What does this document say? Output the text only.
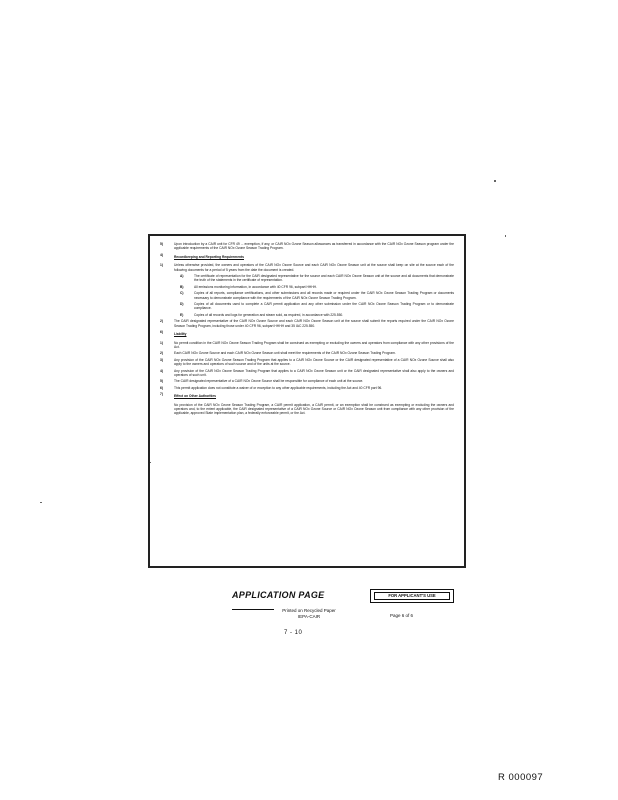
5)	Upon introduction by a CAIR unit for CFR 49 ... exemption, if any, or CAIR NOx Ozone Season allowances as transferred in accordance with the CAIR NOx Ozone Season program under the applicable requirements of the CAIR NOx Ozone Season Trading Program.
4)	Recordkeeping and Reporting Requirements
1)	Unless otherwise provided, the owners and operators of the CAIR NOx Ozone Source and each CAIR NOx Ozone Season unit at the source shall keep on site at the source each of the following documents for a period of 5 years from the date the document is created.
A)	The certificate of representation for the CAIR designated representative for the source and each CAIR NOx Ozone Season unit at the source and all documents that demonstrate the truth of the statements in the certificate of representation.
B)	All emissions monitoring information, in accordance with 40 CFR 96, subpart HHHH.
C)	Copies of all reports, compliance certifications, and other submissions and all records made or required under the CAIR NOx Ozone Season Trading Program or documents necessary to demonstrate compliance with the requirements of the CAIR NOx Ozone Season Trading Program.
D)	Copies of all documents used to complete a CAIR permit application and any other submission under the CAIR NOx Ozone Season Trading Program or to demonstrate compliance.
E)	Copies of all records and logs for generation and steam sold, as required, in accordance with 225.550.
2)	The CAIR designated representative of the CAIR NOx Ozone Source and each CAIR NOx Ozone Season unit at the source shall submit the reports required under the CAIR NOx Ozone Season Trading Program, including those under 40 CFR 96, subpart HHHH and 35 IAC 225.550.
6)	Liability
1)	No permit condition in the CAIR NOx Ozone Season Trading Program shall be construed as exempting or excluding the owners and operators from compliance with any other provisions of the Act.
2)	Each CAIR NOx Ozone Source and each CAIR NOx Ozone Season unit shall meet the requirements of the CAIR NOx Ozone Season Trading Program.
3)	Any provision of the CAIR NOx Ozone Season Trading Program that applies to a CAIR NOx Ozone Source or the CAIR designated representative of a CAIR NOx Ozone Source shall also apply to the owners and operators of such source and of the units at the source.
4)	Any provision of the CAIR NOx Ozone Season Trading Program that applies to a CAIR NOx Ozone Season unit or the CAIR designated representative shall also apply to the owners and operators of such unit.
5)	The CAIR designated representative of a CAIR NOx Ozone Source shall be responsible for compliance of each unit at the source.
6)	This permit application does not constitute a waiver of or exception to any other applicable requirements, including the Act and 40 CFR part 96.
7)	Effect on Other Authorities
No provision of the CAIR NOx Ozone Season Trading Program, a CAIR permit application, a CAIR permit, or an exemption shall be construed as exempting or excluding the owners and operators and, to the extent applicable, the CAIR designated representative of a CAIR NOx Ozone Source or CAIR NOx Ozone Season unit from compliance with any other provision of the applicable, approved State implementation plan, a federally enforceable permit, or the Act.
APPLICATION PAGE	FOR APPLICANT'S USE
Printed on Recycled Paper
IEPA-CAIR	Page 6 of 6
7 - 10
R 000097
